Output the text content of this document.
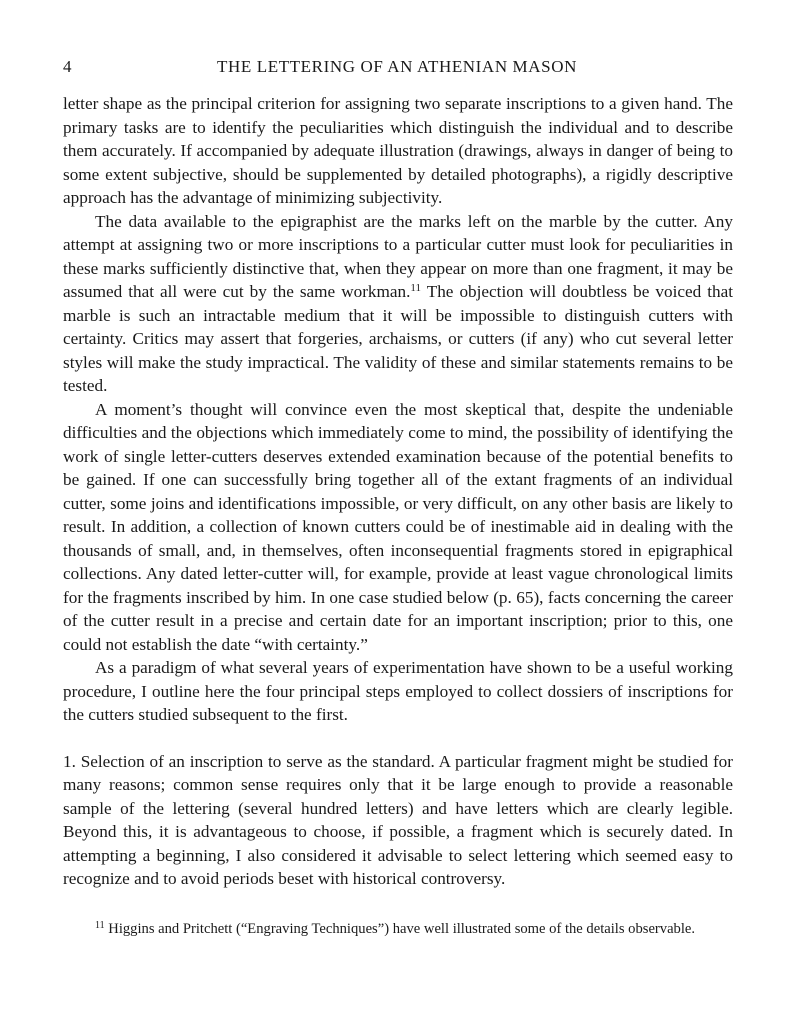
4	THE LETTERING OF AN ATHENIAN MASON

letter shape as the principal criterion for assigning two separate inscriptions to a given hand. The primary tasks are to identify the peculiarities which distinguish the individual and to describe them accurately. If accompanied by adequate illustration (drawings, always in danger of being to some extent subjective, should be supplemented by detailed photographs), a rigidly descriptive approach has the advantage of minimizing subjectivity.

The data available to the epigraphist are the marks left on the marble by the cutter. Any attempt at assigning two or more inscriptions to a particular cutter must look for peculiarities in these marks sufficiently distinctive that, when they appear on more than one fragment, it may be assumed that all were cut by the same workman.$^{11}$ The objection will doubtless be voiced that marble is such an intractable medium that it will be impossible to distinguish cutters with certainty. Critics may assert that forgeries, archaisms, or cutters (if any) who cut several letter styles will make the study impractical. The validity of these and similar statements remains to be tested.

A moment’s thought will convince even the most skeptical that, despite the undeniable difficulties and the objections which immediately come to mind, the possibility of identifying the work of single letter-cutters deserves extended examination because of the potential benefits to be gained. If one can successfully bring together all of the extant fragments of an individual cutter, some joins and identifications impossible, or very difficult, on any other basis are likely to result. In addition, a collection of known cutters could be of inestimable aid in dealing with the thousands of small, and, in themselves, often inconsequential fragments stored in epigraphical collections. Any dated letter-cutter will, for example, provide at least vague chronological limits for the fragments inscribed by him. In one case studied below (p. 65), facts concerning the career of the cutter result in a precise and certain date for an important inscription; prior to this, one could not establish the date “with certainty.”

As a paradigm of what several years of experimentation have shown to be a useful working procedure, I outline here the four principal steps employed to collect dossiers of inscriptions for the cutters studied subsequent to the first.

1. Selection of an inscription to serve as the standard. A particular fragment might be studied for many reasons; common sense requires only that it be large enough to provide a reasonable sample of the lettering (several hundred letters) and have letters which are clearly legible. Beyond this, it is advantageous to choose, if possible, a fragment which is securely dated. In attempting a beginning, I also considered it advisable to select lettering which seemed easy to recognize and to avoid periods beset with historical controversy.

$^{11}$ Higgins and Pritchett (“Engraving Techniques”) have well illustrated some of the details observable.
